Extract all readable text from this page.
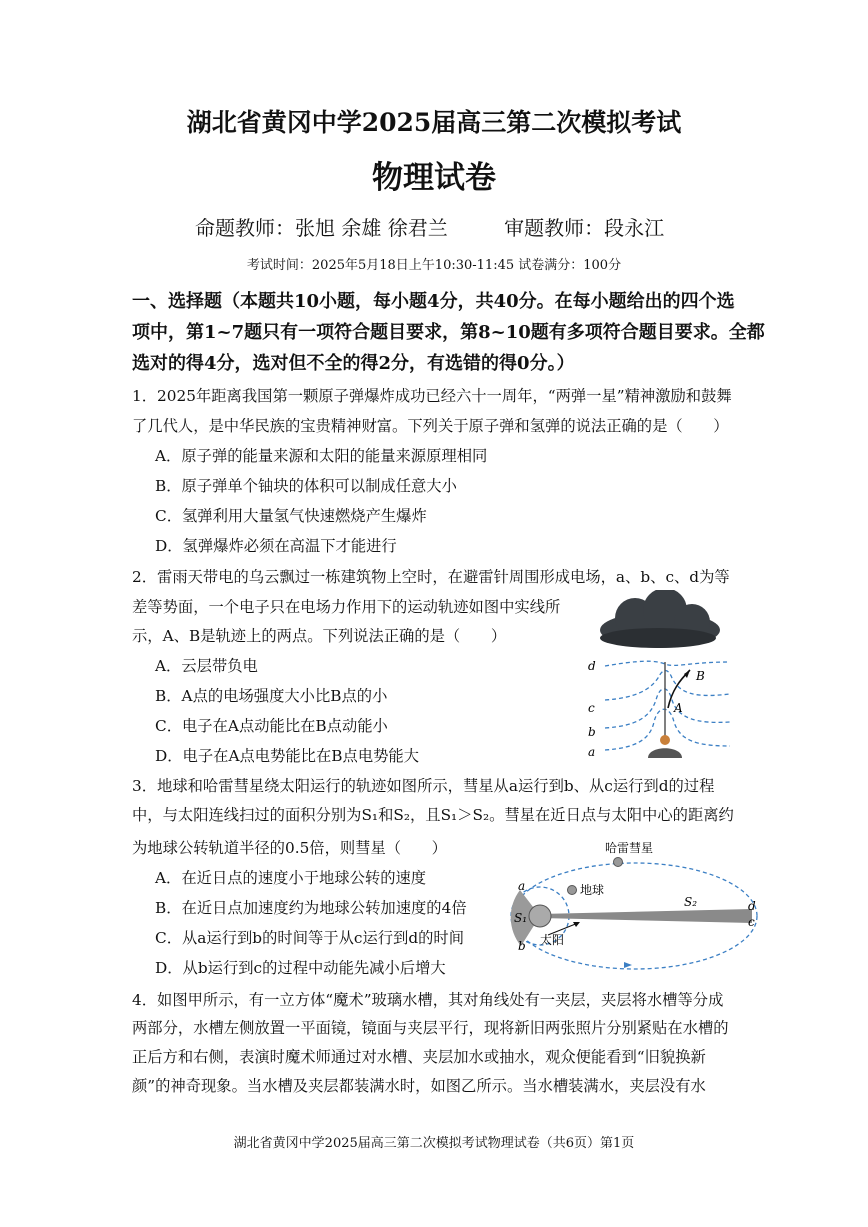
湖北省黄冈中学2025届高三第二次模拟考试
物理试卷
命题教师：张旭 余雄 徐君兰	审题教师：段永江
考试时间：2025年5月18日上午10:30-11:45 试卷满分：100分
一、选择题（本题共10小题，每小题4分，共40分。在每小题给出的四个选
项中，第1~7题只有一项符合题目要求，第8~10题有多项符合题目要求。全都
选对的得4分，选对但不全的得2分，有选错的得0分。）
1．2025年距离我国第一颗原子弹爆炸成功已经六十一周年，“两弹一星”精神激励和鼓舞
了几代人，是中华民族的宝贵精神财富。下列关于原子弹和氢弹的说法正确的是（　　）
A．原子弹的能量来源和太阳的能量来源原理相同
B．原子弹单个铀块的体积可以制成任意大小
C．氢弹利用大量氢气快速燃烧产生爆炸
D．氢弹爆炸必须在高温下才能进行
2．雷雨天带电的乌云飘过一栋建筑物上空时，在避雷针周围形成电场，a、b、c、d为等
差等势面，一个电子只在电场力作用下的运动轨迹如图中实线所
示，A、B是轨迹上的两点。下列说法正确的是（　　）
A．云层带负电
B．A点的电场强度大小比B点的小
C．电子在A点动能比在B点动能小
D．电子在A点电势能比在B点电势能大
d
c
b
a
A
B
3．地球和哈雷彗星绕太阳运行的轨迹如图所示，彗星从a运行到b、从c运行到d的过程
中，与太阳连线扫过的面积分别为S₁和S₂，且S₁＞S₂。彗星在近日点与太阳中心的距离约
为地球公转轨道半径的0.5倍，则彗星（　　）
A．在近日点的速度小于地球公转的速度
B．在近日点加速度约为地球公转加速度的4倍
C．从a运行到b的时间等于从c运行到d的时间
D．从b运行到c的过程中动能先减小后增大
哈雷彗星
地球
太阳
S₁
S₂
a
b
c
d
4．如图甲所示，有一立方体“魔术”玻璃水槽，其对角线处有一夹层，夹层将水槽等分成
两部分，水槽左侧放置一平面镜，镜面与夹层平行，现将新旧两张照片分别紧贴在水槽的
正后方和右侧，表演时魔术师通过对水槽、夹层加水或抽水，观众便能看到“旧貌换新
颜”的神奇现象。当水槽及夹层都装满水时，如图乙所示。当水槽装满水，夹层没有水
湖北省黄冈中学2025届高三第二次模拟考试物理试卷（共6页）第1页
